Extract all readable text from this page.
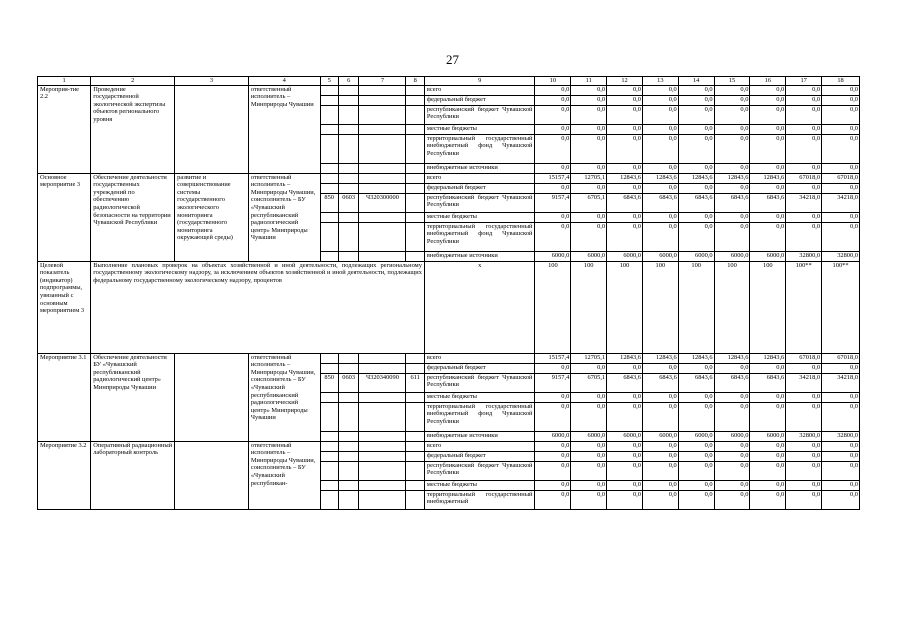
27
1	2	3	4	5	6	7	8	9	10	11	12	13	14	15	16	17	18
Мероприя-тие 2.2	Проведение государственной экологической экспертизы объектов регионального уровня		ответственный исполнитель – Минприроды Чувашии					всего	0,0	0,0	0,0	0,0	0,0	0,0	0,0	0,0	0,0
								федеральный бюджет	0,0	0,0	0,0	0,0	0,0	0,0	0,0	0,0	0,0
								республиканский бюджет Чувашской Республики	0,0	0,0	0,0	0,0	0,0	0,0	0,0	0,0	0,0
								местные бюджеты	0,0	0,0	0,0	0,0	0,0	0,0	0,0	0,0	0,0
								территориальный государственный внебюджетный фонд Чувашской Республики	0,0	0,0	0,0	0,0	0,0	0,0	0,0	0,0	0,0
								внебюджетные источники	0,0	0,0	0,0	0,0	0,0	0,0	0,0	0,0	0,0
Основное мероприятие 3	Обеспечение деятельности государственных учреждений по обеспечению радиологической безопасности на территории Чувашской Республики	развитие и совершенствование системы государственного экологического мониторинга (государственного мониторинга окружающей среды)	ответственный исполнитель – Минприроды Чувашии, соисполнитель – БУ «Чувашский республиканский радиологический центр» Минприроды Чувашии					всего	15157,4	12705,1	12843,6	12843,6	12843,6	12843,6	12843,6	67018,0	67018,0
								федеральный бюджет	0,0	0,0	0,0	0,0	0,0	0,0	0,0	0,0	0,0
				850	0603	Ч320300000		республиканский бюджет Чувашской Республики	9157,4	6705,1	6843,6	6843,6	6843,6	6843,6	6843,6	34218,0	34218,0
								местные бюджеты	0,0	0,0	0,0	0,0	0,0	0,0	0,0	0,0	0,0
								территориальный государственный внебюджетный фонд Чувашской Республики	0,0	0,0	0,0	0,0	0,0	0,0	0,0	0,0	0,0
								внебюджетные источники	6000,0	6000,0	6000,0	6000,0	6000,0	6000,0	6000,0	32800,0	32800,0
Целевой показатель (индикатор) подпрограммы, увязанный с основным мероприятием 3	Выполнение плановых проверок на объектах хозяйственной и иной деятельности, подлежащих региональному государственному экологическому надзору, за исключением объектов хозяйственной и иной деятельности, подлежащих федеральному государственному экологическому надзору, процентов							х	100	100	100	100	100	100	100	100**	100**
Мероприятие 3.1	Обеспечение деятельности БУ «Чувашский республиканский радиологический центр» Минприроды Чувашии		ответственный исполнитель – Минприроды Чувашии, соисполнитель – БУ «Чувашский республиканский радиологический центр» Минприроды Чувашии					всего	15157,4	12705,1	12843,6	12843,6	12843,6	12843,6	12843,6	67018,0	67018,0
								федеральный бюджет	0,0	0,0	0,0	0,0	0,0	0,0	0,0	0,0	0,0
				850	0603	Ч320340090	611	республиканский бюджет Чувашской Республики	9157,4	6705,1	6843,6	6843,6	6843,6	6843,6	6843,6	34218,0	34218,0
								местные бюджеты	0,0	0,0	0,0	0,0	0,0	0,0	0,0	0,0	0,0
								территориальный государственный внебюджетный фонд Чувашской Республики	0,0	0,0	0,0	0,0	0,0	0,0	0,0	0,0	0,0
								внебюджетные источники	6000,0	6000,0	6000,0	6000,0	6000,0	6000,0	6000,0	32800,0	32800,0
Мероприятие 3.2	Оперативный радиационный лабораторный контроль		ответственный исполнитель – Минприроды Чувашии, соисполнитель – БУ «Чувашский республикан-					всего	0,0	0,0	0,0	0,0	0,0	0,0	0,0	0,0	0,0
								федеральный бюджет	0,0	0,0	0,0	0,0	0,0	0,0	0,0	0,0	0,0
								республиканский бюджет Чувашской Республики	0,0	0,0	0,0	0,0	0,0	0,0	0,0	0,0	0,0
								местные бюджеты	0,0	0,0	0,0	0,0	0,0	0,0	0,0	0,0	0,0
								территориальный государственный внебюджетный	0,0	0,0	0,0	0,0	0,0	0,0	0,0	0,0	0,0
